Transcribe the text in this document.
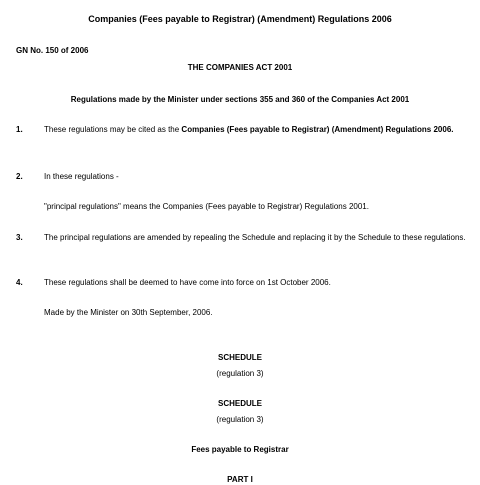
Companies (Fees payable to Registrar) (Amendment) Regulations 2006
GN No. 150 of 2006
THE COMPANIES ACT 2001
Regulations made by the Minister under sections 355 and 360 of the Companies Act 2001
1.	These regulations may be cited as the Companies (Fees payable to Registrar) (Amendment) Regulations 2006.
2.	In these regulations -
"principal regulations" means the Companies (Fees payable to Registrar) Regulations 2001.
3.	The principal regulations are amended by repealing the Schedule and replacing it by the Schedule to these regulations.
4.	These regulations shall be deemed to have come into force on 1st October 2006.
Made by the Minister on 30th September, 2006.
SCHEDULE
(regulation 3)
SCHEDULE
(regulation 3)
Fees payable to Registrar
PART I
